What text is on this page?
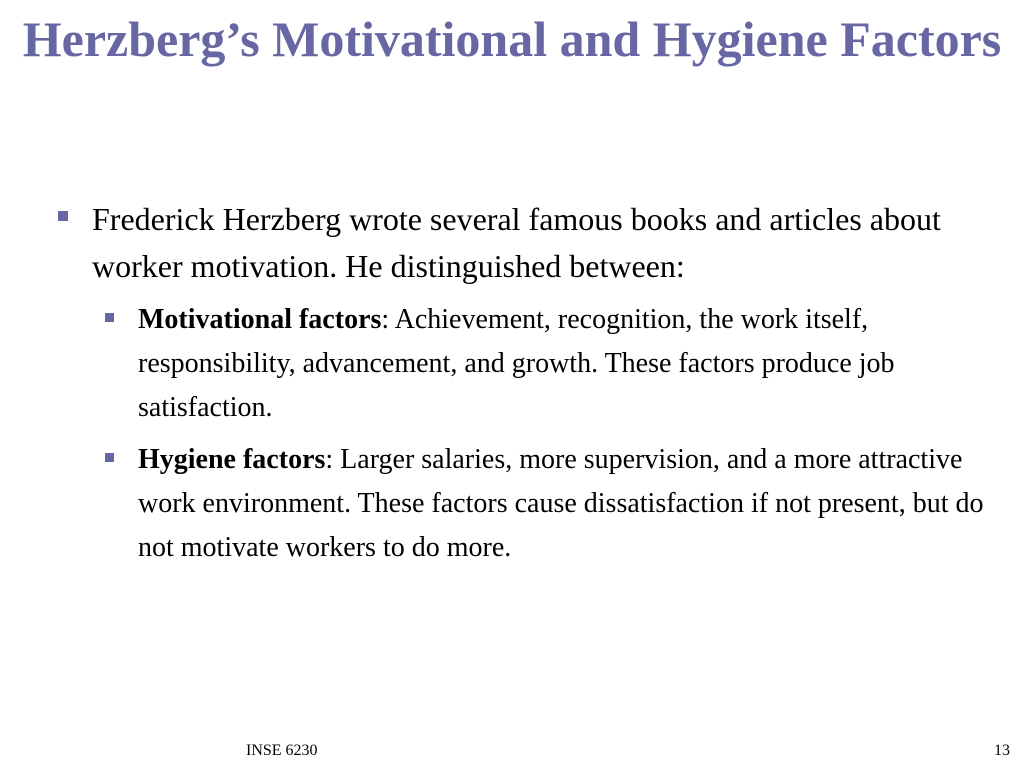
Herzberg’s Motivational and Hygiene Factors
Frederick Herzberg wrote several famous books and articles about worker motivation. He distinguished between:
Motivational factors: Achievement, recognition, the work itself, responsibility, advancement, and growth. These factors produce job satisfaction.
Hygiene factors: Larger salaries, more supervision, and a more attractive work environment. These factors cause dissatisfaction if not present, but do not motivate workers to do more.
INSE 6230	13
